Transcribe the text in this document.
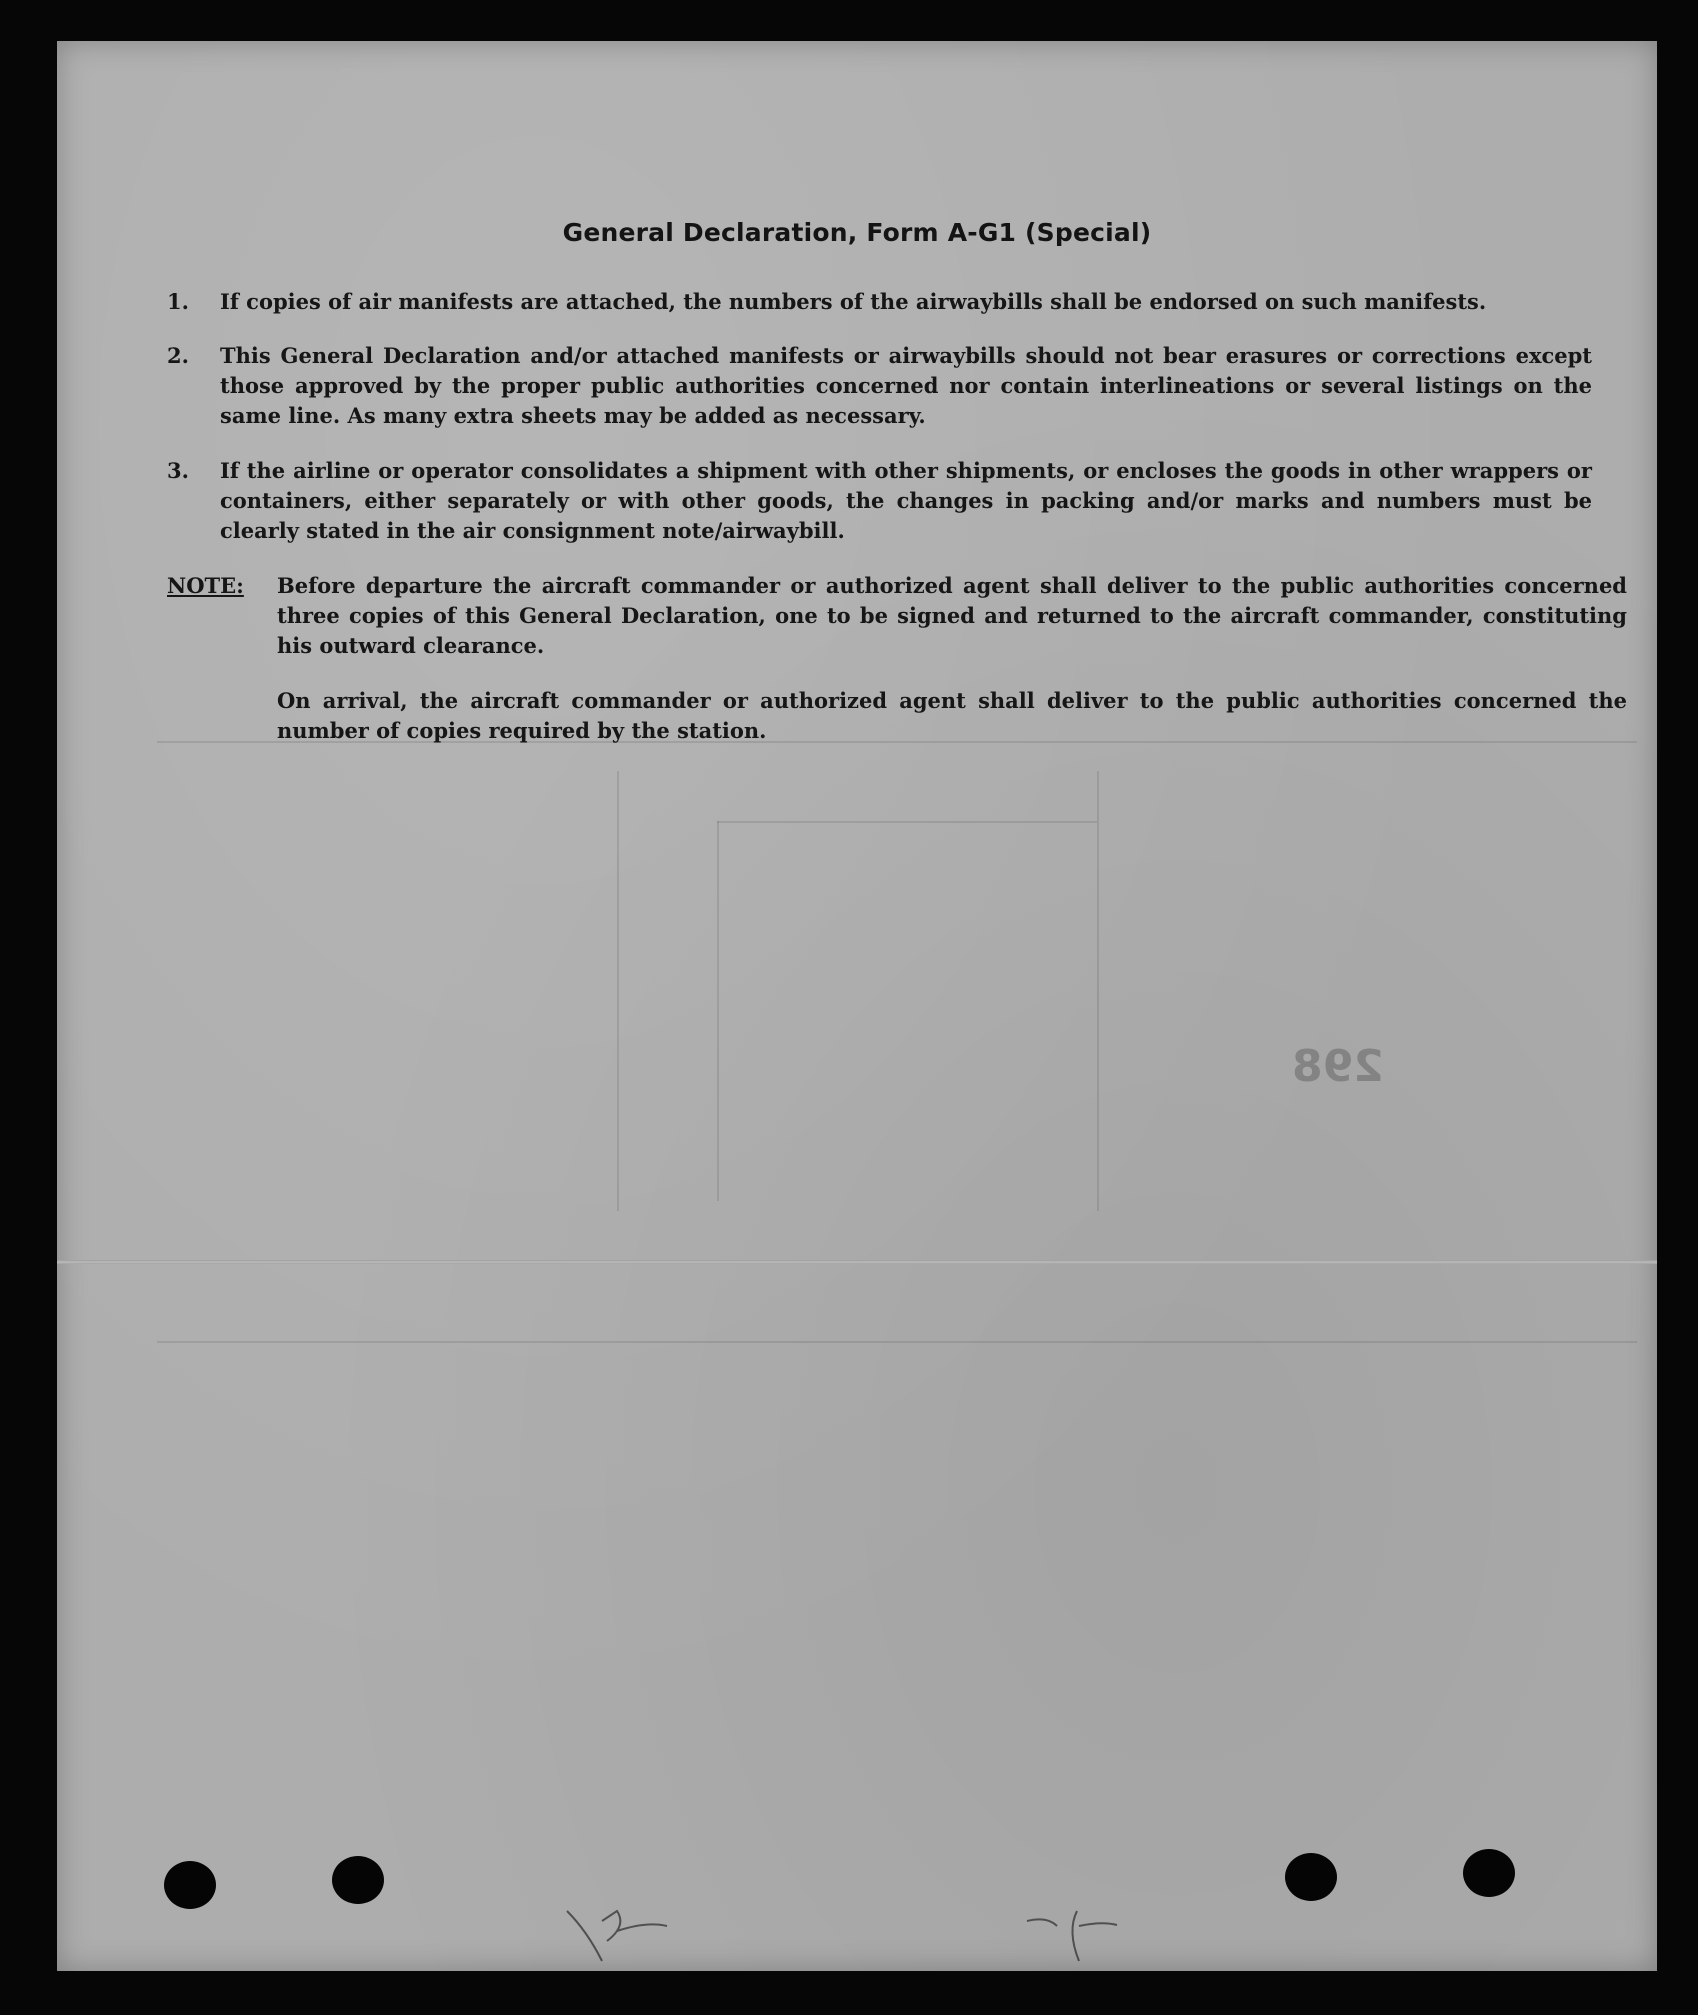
298
General Declaration, Form A-G1 (Special)
1.	If copies of air manifests are attached, the numbers of the airwaybills shall be endorsed on such manifests.
2.	This General Declaration and/or attached manifests or airwaybills should not bear erasures or corrections except those approved by the proper public authorities concerned nor contain interlineations or several listings on the same line. As many extra sheets may be added as necessary.
3.	If the airline or operator consolidates a shipment with other shipments, or encloses the goods in other wrappers or containers, either separately or with other goods, the changes in packing and/or marks and numbers must be clearly stated in the air consignment note/airwaybill.
NOTE: Before departure the aircraft commander or authorized agent shall deliver to the public authorities concerned three copies of this General Declaration, one to be signed and returned to the aircraft commander, constituting his outward clearance.
On arrival, the aircraft commander or authorized agent shall deliver to the public authorities concerned the number of copies required by the station.
